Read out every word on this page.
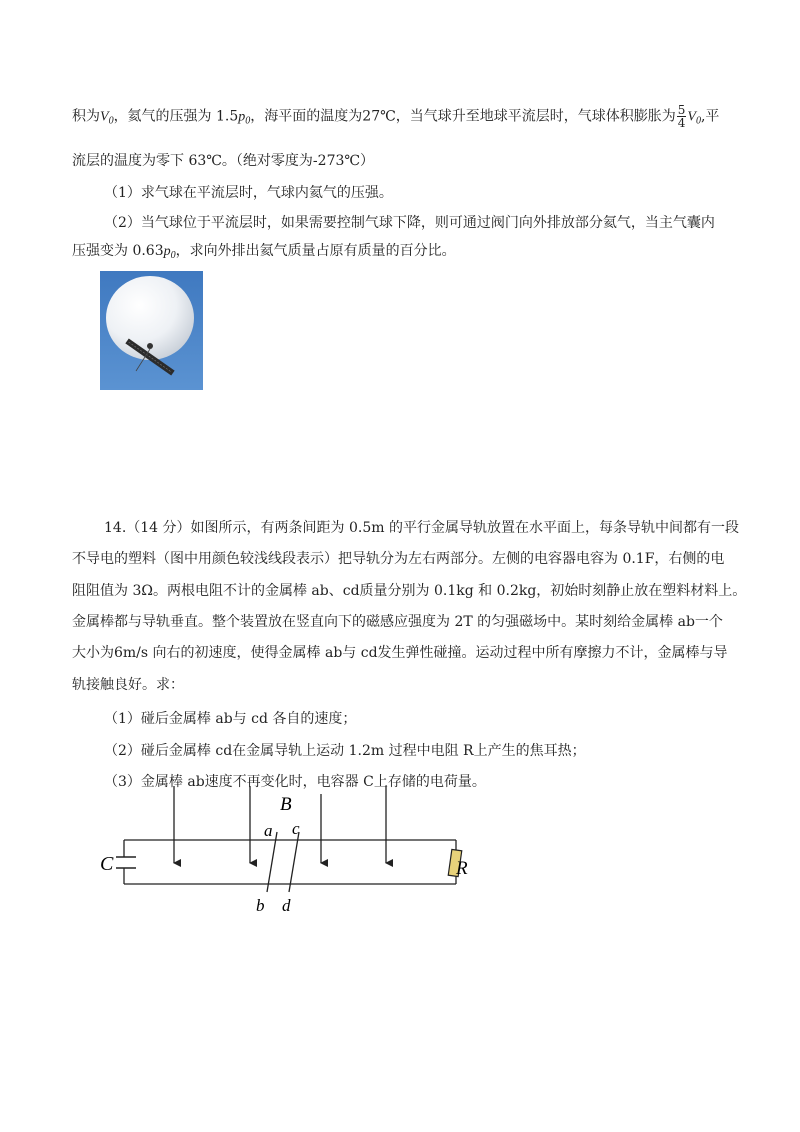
积为$V_0$，氦气的压强为 $1.5p_0$，海平面的温度为27℃，当气球升至地球平流层时，气球体积膨胀为 $\frac{5}{4} V_0$,平
流层的温度为零下 63℃。（绝对零度为-273℃）
（1）求气球在平流层时，气球内氦气的压强。
（2）当气球位于平流层时，如果需要控制气球下降，则可通过阀门向外排放部分氦气，当主气囊内
压强变为 $0.63p_0$，求向外排出氦气质量占原有质量的百分比。
14.（14 分）如图所示，有两条间距为 0.5m 的平行金属导轨放置在水平面上，每条导轨中间都有一段
不导电的塑料（图中用颜色较浅线段表示）把导轨分为左右两部分。左侧的电容器电容为 0.1F，右侧的电
阻阻值为 3Ω。两根电阻不计的金属棒 ab、cd质量分别为 0.1kg 和 0.2kg，初始时刻静止放在塑料材料上。
金属棒都与导轨垂直。整个装置放在竖直向下的磁感应强度为 2T 的匀强磁场中。某时刻给金属棒 ab一个
大小为6m/s 向右的初速度，使得金属棒 ab与 cd发生弹性碰撞。运动过程中所有摩擦力不计，金属棒与导
轨接触良好。求：
（1）碰后金属棒 ab与 cd 各自的速度；
（2）碰后金属棒 cd在金属导轨上运动 1.2m 过程中电阻 R上产生的焦耳热；
（3）金属棒 ab速度不再变化时，电容器 C上存储的电荷量。
B
C	R
a c
b d
